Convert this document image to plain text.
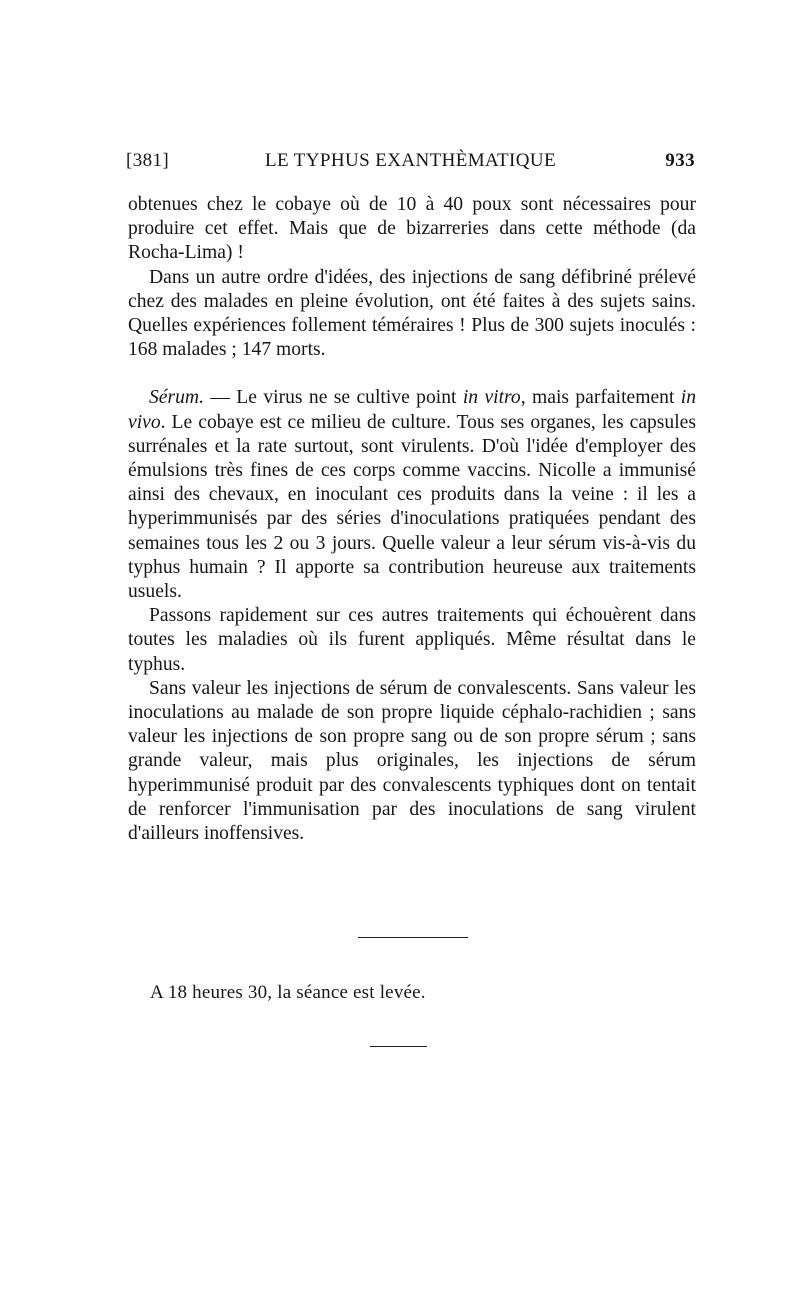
[381]	LE TYPHUS EXANTHÈMATIQUE	933

obtenues chez le cobaye où de 10 à 40 poux sont nécessaires pour produire cet effet. Mais que de bizarreries dans cette méthode (da Rocha-Lima) !

Dans un autre ordre d'idées, des injections de sang défibriné prélevé chez des malades en pleine évolution, ont été faites à des sujets sains. Quelles expériences follement téméraires ! Plus de 300 sujets inoculés : 168 malades ; 147 morts.

Sérum. — Le virus ne se cultive point in vitro, mais parfaitement in vivo. Le cobaye est ce milieu de culture. Tous ses organes, les capsules surrénales et la rate surtout, sont virulents. D'où l'idée d'employer des émulsions très fines de ces corps comme vaccins. Nicolle a immunisé ainsi des chevaux, en inoculant ces produits dans la veine : il les a hyperimmunisés par des séries d'inoculations pratiquées pendant des semaines tous les 2 ou 3 jours. Quelle valeur a leur sérum vis-à-vis du typhus humain ? Il apporte sa contribution heureuse aux traitements usuels.

Passons rapidement sur ces autres traitements qui échouèrent dans toutes les maladies où ils furent appliqués. Même résultat dans le typhus.

Sans valeur les injections de sérum de convalescents. Sans valeur les inoculations au malade de son propre liquide céphalo-rachidien ; sans valeur les injections de son propre sang ou de son propre sérum ; sans grande valeur, mais plus originales, les injections de sérum hyperimmunisé produit par des convalescents typhiques dont on tentait de renforcer l'immunisation par des inoculations de sang virulent d'ailleurs inoffensives.

A 18 heures 30, la séance est levée.
